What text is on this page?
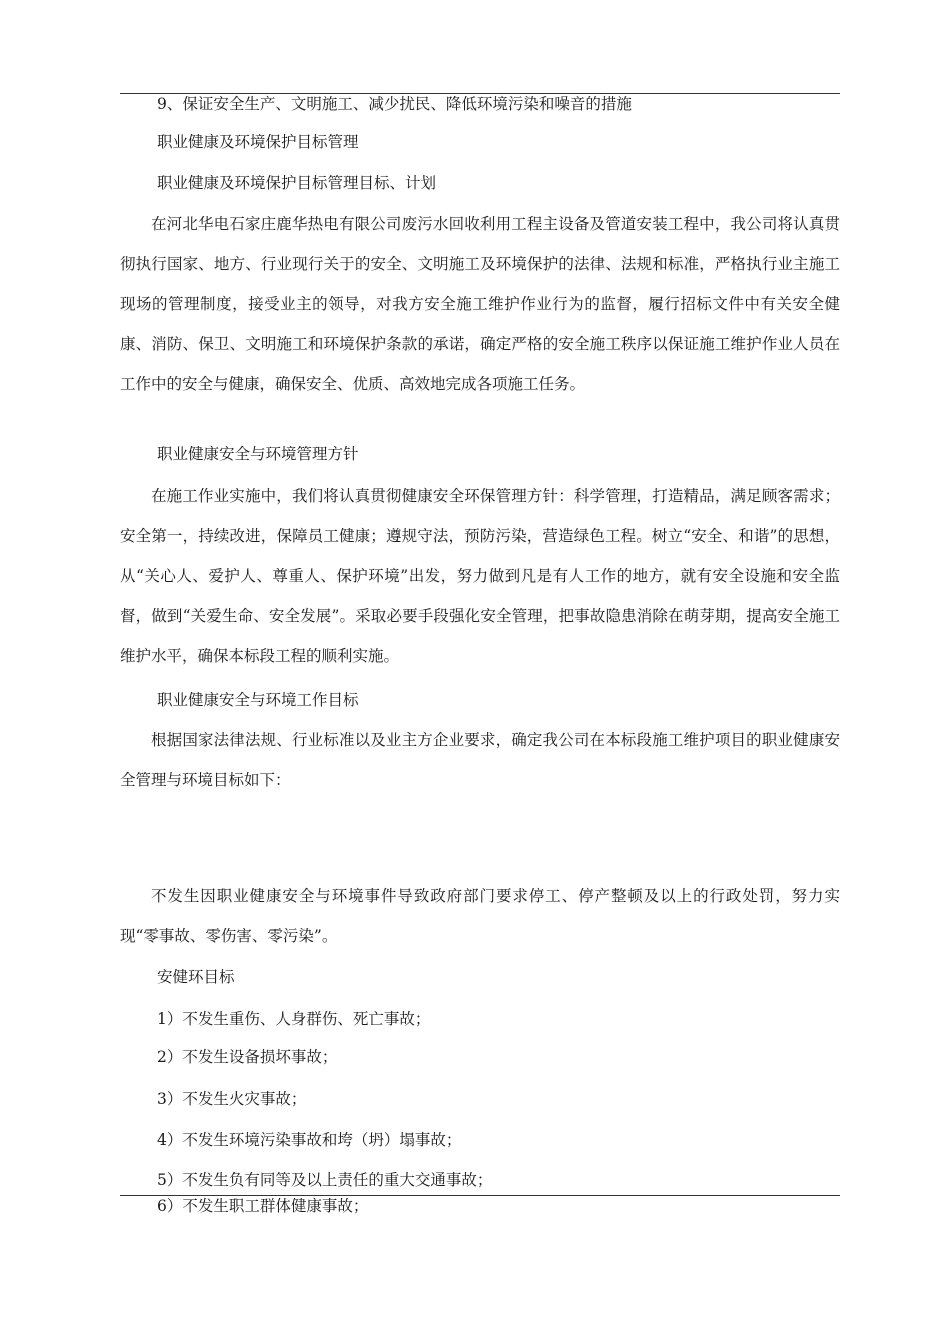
9、保证安全生产、文明施工、减少扰民、降低环境污染和噪音的措施
职业健康及环境保护目标管理
职业健康及环境保护目标管理目标、计划

在河北华电石家庄鹿华热电有限公司废污水回收利用工程主设备及管道安装工程中，我公司将认真贯彻执行国家、地方、行业现行关于的安全、文明施工及环境保护的法律、法规和标准，严格执行业主施工现场的管理制度，接受业主的领导，对我方安全施工维护作业行为的监督，履行招标文件中有关安全健康、消防、保卫、文明施工和环境保护条款的承诺，确定严格的安全施工秩序以保证施工维护作业人员在工作中的安全与健康，确保安全、优质、高效地完成各项施工任务。

职业健康安全与环境管理方针

在施工作业实施中，我们将认真贯彻健康安全环保管理方针：科学管理，打造精品，满足顾客需求；安全第一，持续改进，保障员工健康；遵规守法，预防污染，营造绿色工程。树立“安全、和谐”的思想，从“关心人、爱护人、尊重人、保护环境”出发，努力做到凡是有人工作的地方，就有安全设施和安全监督，做到“关爱生命、安全发展”。采取必要手段强化安全管理，把事故隐患消除在萌芽期，提高安全施工维护水平，确保本标段工程的顺利实施。

职业健康安全与环境工作目标

根据国家法律法规、行业标准以及业主方企业要求，确定我公司在本标段施工维护项目的职业健康安全管理与环境目标如下：

不发生因职业健康安全与环境事件导致政府部门要求停工、停产整顿及以上的行政处罚，努力实现“零事故、零伤害、零污染”。

安健环目标
1）不发生重伤、人身群伤、死亡事故；
2）不发生设备损坏事故；
3）不发生火灾事故；
4）不发生环境污染事故和垮（坍）塌事故；
5）不发生负有同等及以上责任的重大交通事故；
6）不发生职工群体健康事故；
